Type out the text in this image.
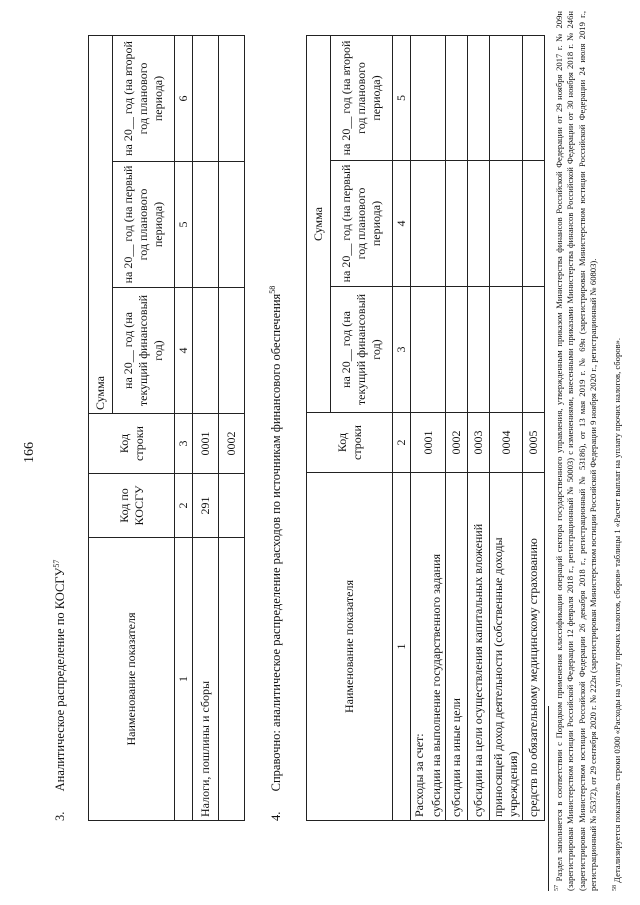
166
3.  Аналитическое распределение по КОСГУ$^{57}$
Наименование показателя	Код по КОСГУ	Код строки	Сумма		
			на 20__ год (на текущий финансовый год)	на 20__ год (на первый год планового периода)	на 20__ год (на второй год планового периода)
1	2	3	4	5	6
Налоги, пошлины и сборы	291	0001			
		0002			
4.  Справочно: аналитическое распределение расходов по источникам финансового обеспечения$^{58}$
Наименование показателя	Код строки	Сумма		
		на 20__ год (на текущий финансовый год)	на 20__ год (на первый год планового периода)	на 20__ год (на второй год планового периода)
1	2	3	4	5
Расходы за счет:	0001			
субсидии на выполнение государственного задания				
субсидии на иные цели	0002			
субсидии на цели осуществления капитальных вложений	0003			
приносящей доход деятельности (собственные доходы учреждения)	0004			
средств по обязательному медицинскому страхованию	0005			
$^{57}$ Раздел заполняется в соответствии с Порядком применения классификации операций сектора государственного управления, утвержденным приказом Министерства финансов Российской Федерации от 29 ноября 2017 г. № 209н (зарегистрирован Министерством юстиции Российской Федерации 12 февраля 2018 г., регистрационный № 50003) с изменениями, внесенными приказами Министерства финансов Российской Федерации от 30 ноября 2018 г. № 246н (зарегистрирован Министерством юстиции Российской Федерации 26 декабря 2018 г., регистрационный № 53186), от 13 мая 2019 г. № 69н (зарегистрирован Министерством юстиции Российской Федерации 24 июля 2019 г., регистрационный № 55372), от 29 сентября 2020 г. № 222н (зарегистрирован Министерством юстиции Российской Федерации 9 ноября 2020 г., регистрационный № 60803). $^{58}$ Детализируется показатель строки 0300 «Расходы на уплату прочих налогов, сборов» таблицы 1 «Расчет выплат на уплату прочих налогов, сборов».
